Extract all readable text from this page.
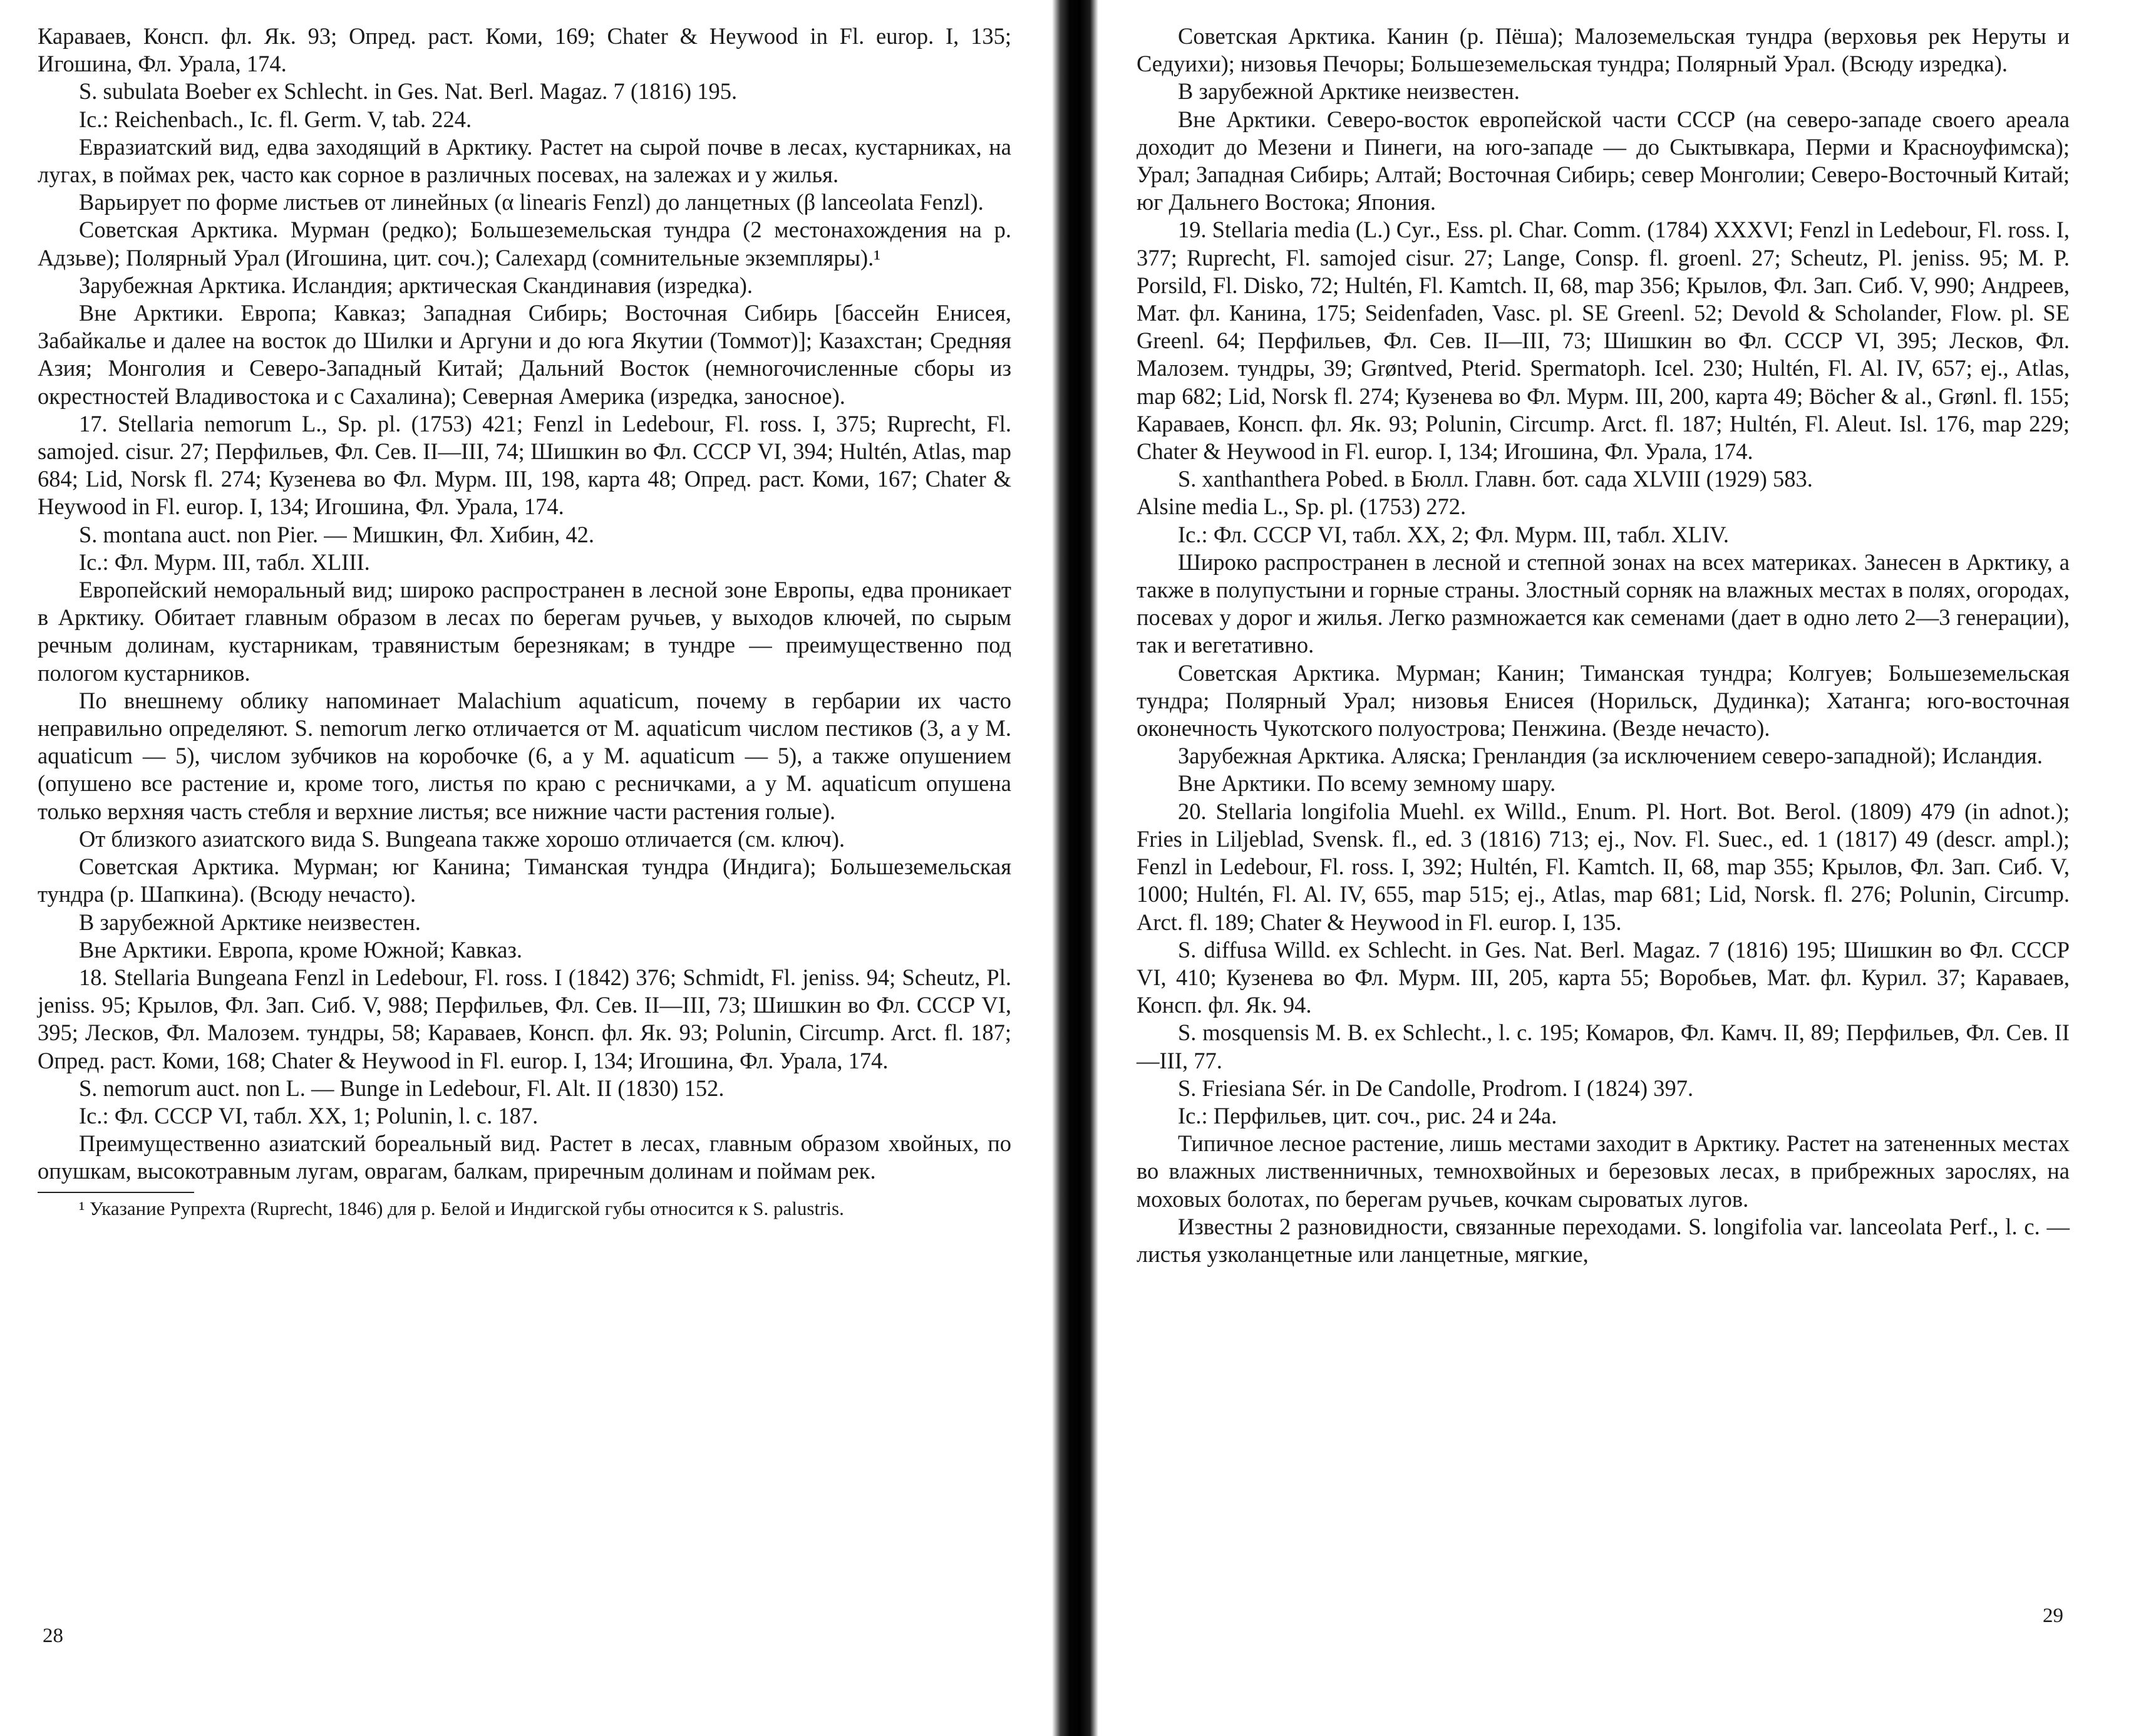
Караваев, Консп. фл. Як. 93; Опред. раст. Коми, 169; Chater & Heywood in Fl. europ. I, 135; Игошина, Фл. Урала, 174.

S. subulata Boeber ex Schlecht. in Ges. Nat. Berl. Magaz. 7 (1816) 195.

Ic.: Reichenbach., Ic. fl. Germ. V, tab. 224.

Евразиатский вид, едва заходящий в Арктику. Растет на сырой почве в лесах, кустарниках, на лугах, в поймах рек, часто как сорное в различных посевах, на залежах и у жилья.

Варьирует по форме листьев от линейных (α linearis Fenzl) до ланцетных (β lanceolata Fenzl).

Советская Арктика. Мурман (редко); Большеземельская тундра (2 местонахождения на р. Адзьве); Полярный Урал (Игошина, цит. соч.); Салехард (сомнительные экземпляры).¹

Зарубежная Арктика. Исландия; арктическая Скандинавия (изредка).

Вне Арктики. Европа; Кавказ; Западная Сибирь; Восточная Сибирь [бассейн Енисея, Забайкалье и далее на восток до Шилки и Аргуни и до юга Якутии (Томмот)]; Казахстан; Средняя Азия; Монголия и Северо-Западный Китай; Дальний Восток (немногочисленные сборы из окрестностей Владивостока и с Сахалина); Северная Америка (изредка, заносное).

17. Stellaria nemorum L., Sp. pl. (1753) 421; Fenzl in Ledebour, Fl. ross. I, 375; Ruprecht, Fl. samojed. cisur. 27; Перфильев, Фл. Сев. II—III, 74; Шишкин во Фл. СССР VI, 394; Hultén, Atlas, map 684; Lid, Norsk fl. 274; Кузенева во Фл. Мурм. III, 198, карта 48; Опред. раст. Коми, 167; Chater & Heywood in Fl. europ. I, 134; Игошина, Фл. Урала, 174.

S. montana auct. non Pier. — Мишкин, Фл. Хибин, 42.

Ic.: Фл. Мурм. III, табл. XLIII.

Европейский неморальный вид; широко распространен в лесной зоне Европы, едва проникает в Арктику. Обитает главным образом в лесах по берегам ручьев, у выходов ключей, по сырым речным долинам, кустарникам, травянистым березнякам; в тундре — преимущественно под пологом кустарников.

По внешнему облику напоминает Malachium aquaticum, почему в гербарии их часто неправильно определяют. S. nemorum легко отличается от M. aquaticum числом пестиков (3, а у M. aquaticum — 5), числом зубчиков на коробочке (6, а у M. aquaticum — 5), а также опушением (опушено все растение и, кроме того, листья по краю с ресничками, а у M. aquaticum опушена только верхняя часть стебля и верхние листья; все нижние части растения голые).

От близкого азиатского вида S. Bungeana также хорошо отличается (см. ключ).

Советская Арктика. Мурман; юг Канина; Тиманская тундра (Индига); Большеземельская тундра (р. Шапкина). (Всюду нечасто).

В зарубежной Арктике неизвестен.

Вне Арктики. Европа, кроме Южной; Кавказ.

18. Stellaria Bungeana Fenzl in Ledebour, Fl. ross. I (1842) 376; Schmidt, Fl. jeniss. 94; Scheutz, Pl. jeniss. 95; Крылов, Фл. Зап. Сиб. V, 988; Перфильев, Фл. Сев. II—III, 73; Шишкин во Фл. СССР VI, 395; Лесков, Фл. Малозем. тундры, 58; Караваев, Консп. фл. Як. 93; Polunin, Circump. Arct. fl. 187; Опред. раст. Коми, 168; Chater & Heywood in Fl. europ. I, 134; Игошина, Фл. Урала, 174.

S. nemorum auct. non L. — Bunge in Ledebour, Fl. Alt. II (1830) 152.

Ic.: Фл. СССР VI, табл. XX, 1; Polunin, l. c. 187.

Преимущественно азиатский бореальный вид. Растет в лесах, главным образом хвойных, по опушкам, высокотравным лугам, оврагам, балкам, приречным долинам и поймам рек.

¹ Указание Рупрехта (Ruprecht, 1846) для р. Белой и Индигской губы относится к S. palustris.

28

Советская Арктика. Канин (р. Пёша); Малоземельская тундра (верховья рек Неруты и Седуихи); низовья Печоры; Большеземельская тундра; Полярный Урал. (Всюду изредка).

В зарубежной Арктике неизвестен.

Вне Арктики. Северо-восток европейской части СССР (на северо-западе своего ареала доходит до Мезени и Пинеги, на юго-западе — до Сыктывкара, Перми и Красноуфимска); Урал; Западная Сибирь; Алтай; Восточная Сибирь; север Монголии; Северо-Восточный Китай; юг Дальнего Востока; Япония.

19. Stellaria media (L.) Cyr., Ess. pl. Char. Comm. (1784) XXXVI; Fenzl in Ledebour, Fl. ross. I, 377; Ruprecht, Fl. samojed cisur. 27; Lange, Consp. fl. groenl. 27; Scheutz, Pl. jeniss. 95; M. P. Porsild, Fl. Disko, 72; Hultén, Fl. Kamtch. II, 68, map 356; Крылов, Фл. Зап. Сиб. V, 990; Андреев, Мат. фл. Канина, 175; Seidenfaden, Vasc. pl. SE Greenl. 52; Devold & Scholander, Flow. pl. SE Greenl. 64; Перфильев, Фл. Сев. II—III, 73; Шишкин во Фл. СССР VI, 395; Лесков, Фл. Малозем. тундры, 39; Grøntved, Pterid. Spermatoph. Icel. 230; Hultén, Fl. Al. IV, 657; ej., Atlas, map 682; Lid, Norsk fl. 274; Кузенева во Фл. Мурм. III, 200, карта 49; Böcher & al., Grønl. fl. 155; Караваев, Консп. фл. Як. 93; Polunin, Circump. Arct. fl. 187; Hultén, Fl. Aleut. Isl. 176, map 229; Chater & Heywood in Fl. europ. I, 134; Игошина, Фл. Урала, 174.

S. xanthanthera Pobed. в Бюлл. Главн. бот. сада XLVIII (1929) 583.

Alsine media L., Sp. pl. (1753) 272.

Ic.: Фл. СССР VI, табл. XX, 2; Фл. Мурм. III, табл. XLIV.

Широко распространен в лесной и степной зонах на всех материках. Занесен в Арктику, а также в полупустыни и горные страны. Злостный сорняк на влажных местах в полях, огородах, посевах у дорог и жилья. Легко размножается как семенами (дает в одно лето 2—3 генерации), так и вегетативно.

Советская Арктика. Мурман; Канин; Тиманская тундра; Колгуев; Большеземельская тундра; Полярный Урал; низовья Енисея (Норильск, Дудинка); Хатанга; юго-восточная оконечность Чукотского полуострова; Пенжина. (Везде нечасто).

Зарубежная Арктика. Аляска; Гренландия (за исключением северо-западной); Исландия.

Вне Арктики. По всему земному шару.

20. Stellaria longifolia Muehl. ex Willd., Enum. Pl. Hort. Bot. Berol. (1809) 479 (in adnot.); Fries in Liljeblad, Svensk. fl., ed. 3 (1816) 713; ej., Nov. Fl. Suec., ed. 1 (1817) 49 (descr. ampl.); Fenzl in Ledebour, Fl. ross. I, 392; Hultén, Fl. Kamtch. II, 68, map 355; Крылов, Фл. Зап. Сиб. V, 1000; Hultén, Fl. Al. IV, 655, map 515; ej., Atlas, map 681; Lid, Norsk. fl. 276; Polunin, Circump. Arct. fl. 189; Chater & Heywood in Fl. europ. I, 135.

S. diffusa Willd. ex Schlecht. in Ges. Nat. Berl. Magaz. 7 (1816) 195; Шишкин во Фл. СССР VI, 410; Кузенева во Фл. Мурм. III, 205, карта 55; Воробьев, Мат. фл. Курил. 37; Караваев, Консп. фл. Як. 94.

S. mosquensis M. B. ex Schlecht., l. c. 195; Комаров, Фл. Камч. II, 89; Перфильев, Фл. Сев. II—III, 77.

S. Friesiana Sér. in De Candolle, Prodrom. I (1824) 397.

Ic.: Перфильев, цит. соч., рис. 24 и 24a.

Типичное лесное растение, лишь местами заходит в Арктику. Растет на затененных местах во влажных лиственничных, темнохвойных и березовых лесах, в прибрежных зарослях, на моховых болотах, по берегам ручьев, кочкам сыроватых лугов.

Известны 2 разновидности, связанные переходами. S. longifolia var. lanceolata Perf., l. c. — листья узколанцетные или ланцетные, мягкие,

29
